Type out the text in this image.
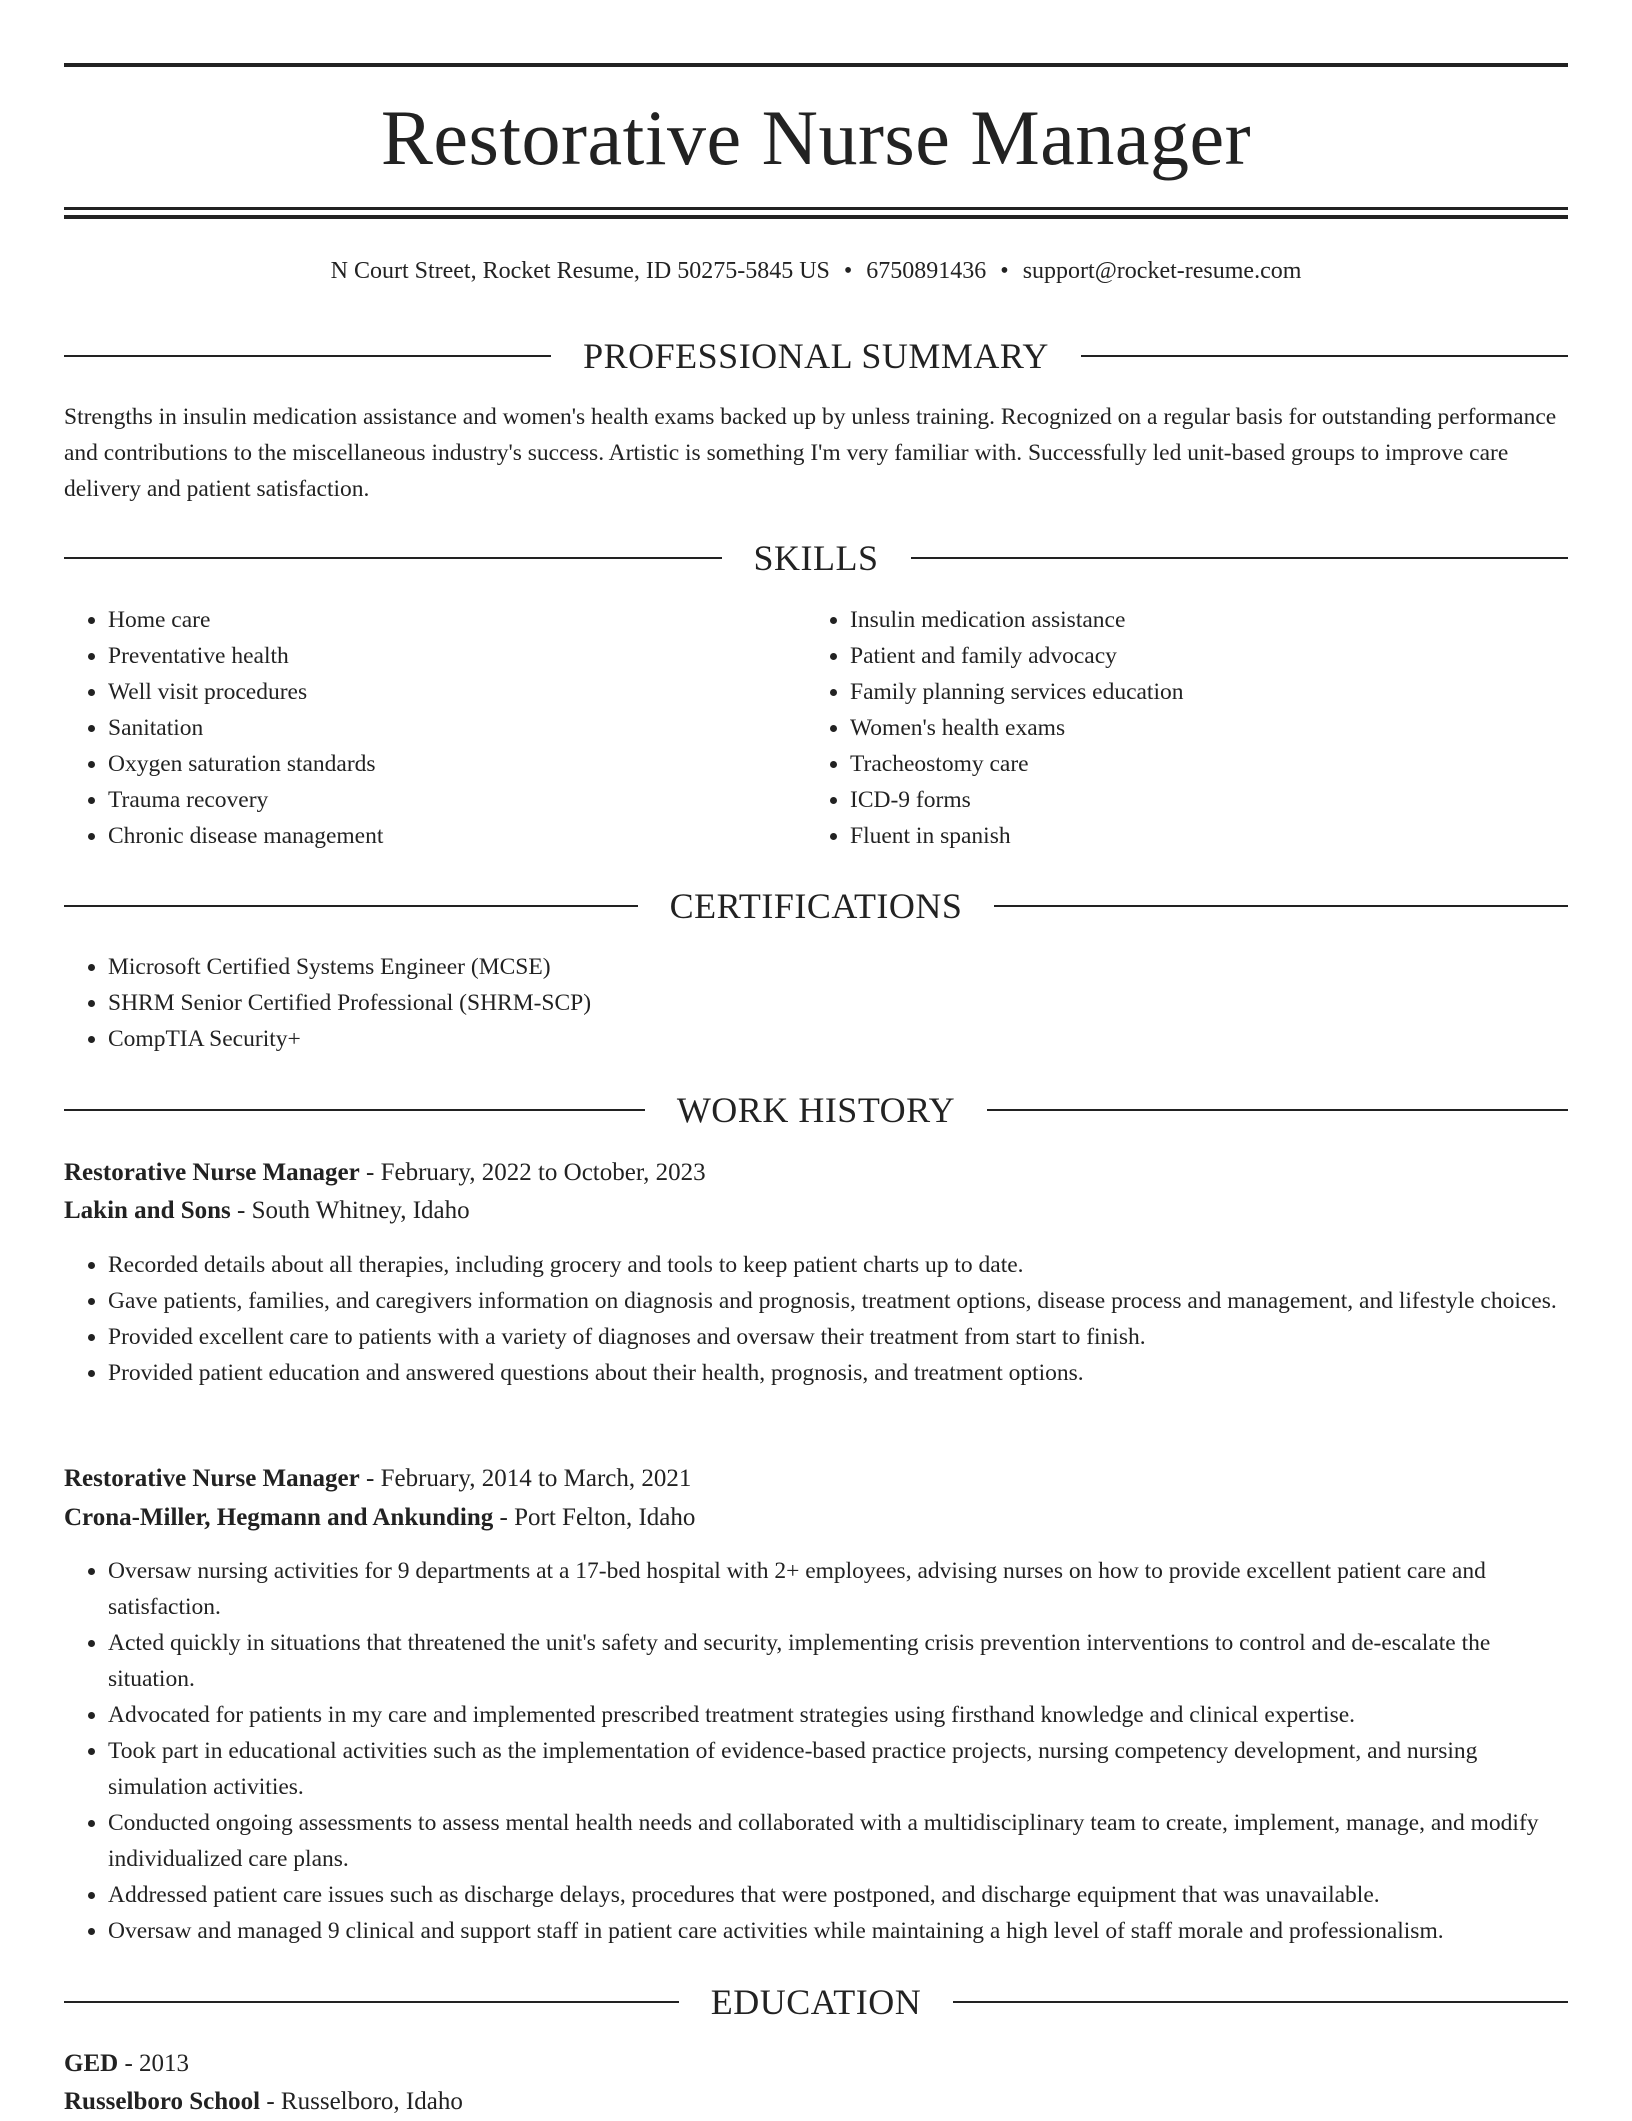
Restorative Nurse Manager
N Court Street, Rocket Resume, ID 50275-5845 US • 6750891436 • support@rocket-resume.com
PROFESSIONAL SUMMARY
Strengths in insulin medication assistance and women's health exams backed up by unless training. Recognized on a regular basis for outstanding performance and contributions to the miscellaneous industry's success. Artistic is something I'm very familiar with. Successfully led unit-based groups to improve care delivery and patient satisfaction.
SKILLS
• Home care
• Preventative health
• Well visit procedures
• Sanitation
• Oxygen saturation standards
• Trauma recovery
• Chronic disease management
• Insulin medication assistance
• Patient and family advocacy
• Family planning services education
• Women's health exams
• Tracheostomy care
• ICD-9 forms
• Fluent in spanish
CERTIFICATIONS
• Microsoft Certified Systems Engineer (MCSE)
• SHRM Senior Certified Professional (SHRM-SCP)
• CompTIA Security+
WORK HISTORY
Restorative Nurse Manager - February, 2022 to October, 2023
Lakin and Sons - South Whitney, Idaho
• Recorded details about all therapies, including grocery and tools to keep patient charts up to date.
• Gave patients, families, and caregivers information on diagnosis and prognosis, treatment options, disease process and management, and lifestyle choices.
• Provided excellent care to patients with a variety of diagnoses and oversaw their treatment from start to finish.
• Provided patient education and answered questions about their health, prognosis, and treatment options.
Restorative Nurse Manager - February, 2014 to March, 2021
Crona-Miller, Hegmann and Ankunding - Port Felton, Idaho
• Oversaw nursing activities for 9 departments at a 17-bed hospital with 2+ employees, advising nurses on how to provide excellent patient care and satisfaction.
• Acted quickly in situations that threatened the unit's safety and security, implementing crisis prevention interventions to control and de-escalate the situation.
• Advocated for patients in my care and implemented prescribed treatment strategies using firsthand knowledge and clinical expertise.
• Took part in educational activities such as the implementation of evidence-based practice projects, nursing competency development, and nursing simulation activities.
• Conducted ongoing assessments to assess mental health needs and collaborated with a multidisciplinary team to create, implement, manage, and modify individualized care plans.
• Addressed patient care issues such as discharge delays, procedures that were postponed, and discharge equipment that was unavailable.
• Oversaw and managed 9 clinical and support staff in patient care activities while maintaining a high level of staff morale and professionalism.
EDUCATION
GED - 2013
Russelboro School - Russelboro, Idaho
